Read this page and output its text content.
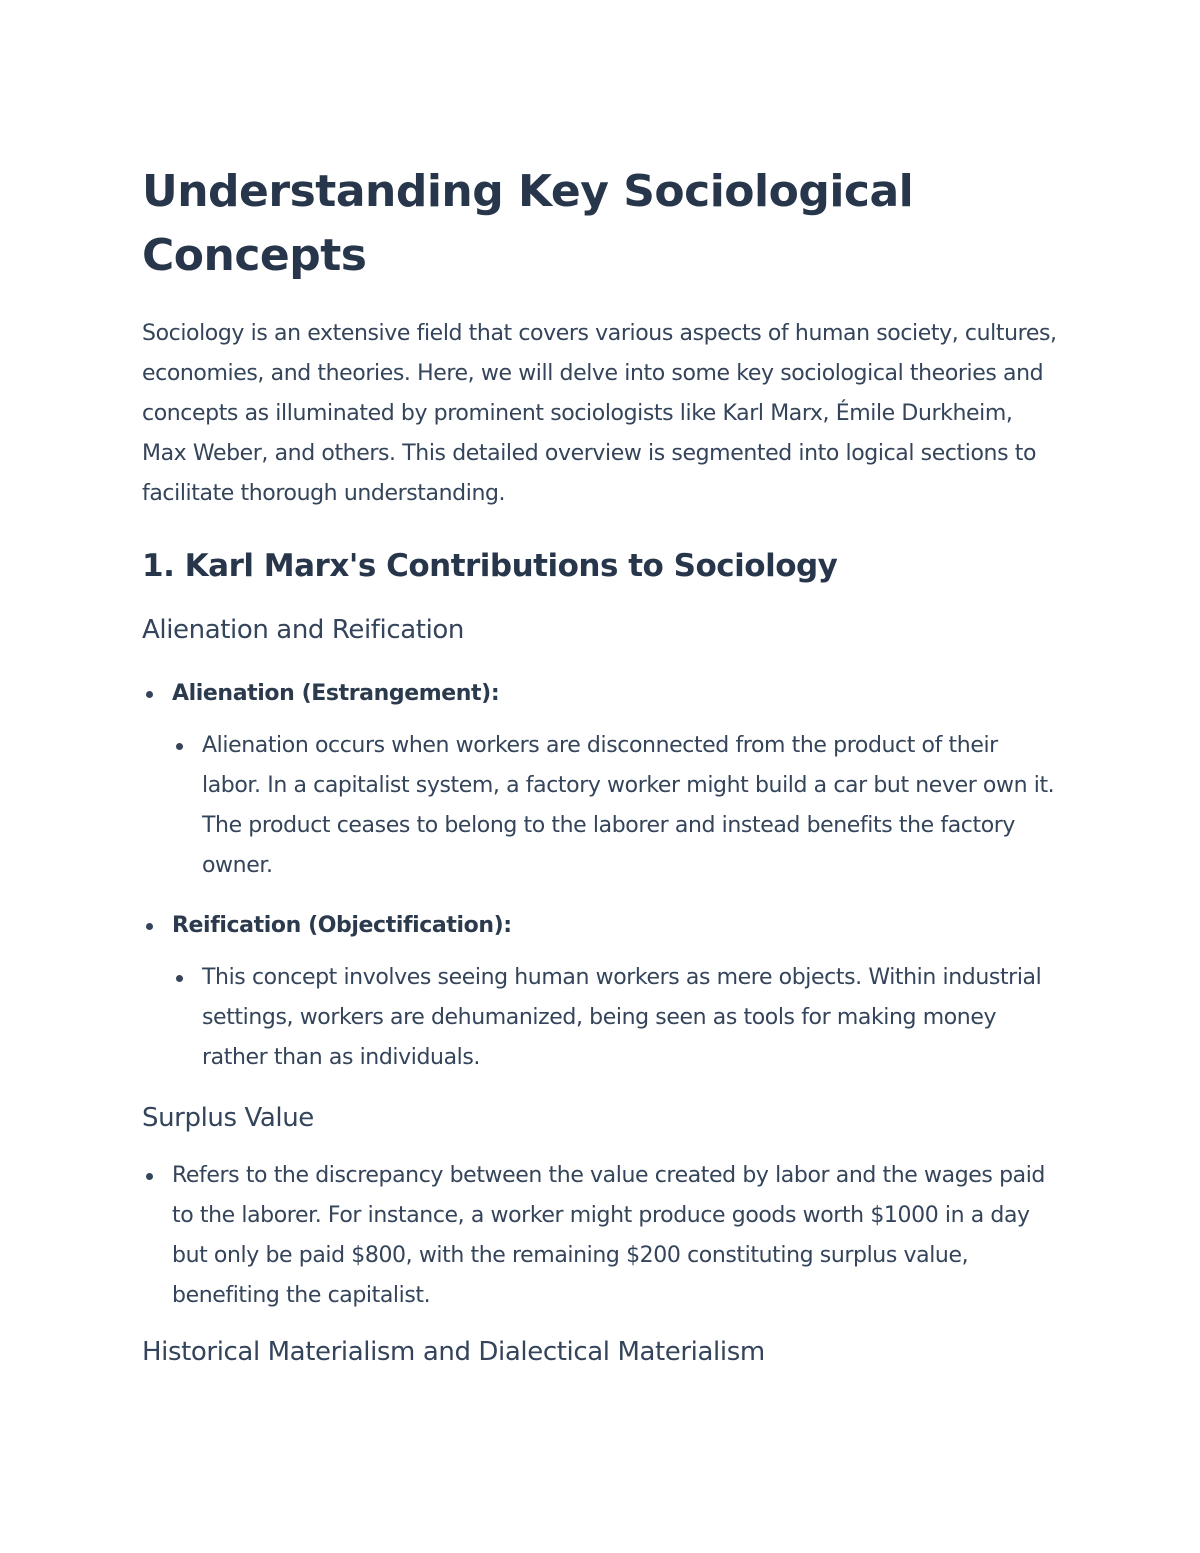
Understanding Key Sociological Concepts

Sociology is an extensive field that covers various aspects of human society, cultures, economies, and theories. Here, we will delve into some key sociological theories and concepts as illuminated by prominent sociologists like Karl Marx, Émile Durkheim, Max Weber, and others. This detailed overview is segmented into logical sections to facilitate thorough understanding.

1. Karl Marx's Contributions to Sociology
Alienation and Reification
Alienation (Estrangement):
Alienation occurs when workers are disconnected from the product of their labor. In a capitalist system, a factory worker might build a car but never own it. The product ceases to belong to the laborer and instead benefits the factory owner.
Reification (Objectification):
This concept involves seeing human workers as mere objects. Within industrial settings, workers are dehumanized, being seen as tools for making money rather than as individuals.
Surplus Value
Refers to the discrepancy between the value created by labor and the wages paid to the laborer. For instance, a worker might produce goods worth $1000 in a day but only be paid $800, with the remaining $200 constituting surplus value, benefiting the capitalist.
Historical Materialism and Dialectical Materialism
